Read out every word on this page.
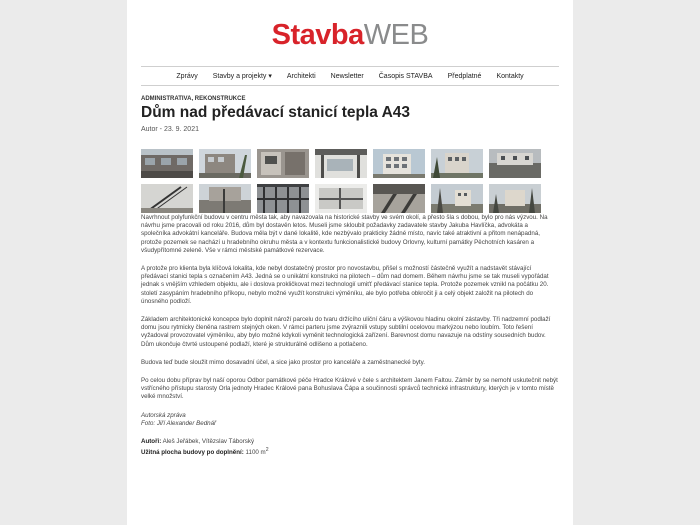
StavbaWEB
Zprávy Stavby a projekty ▾ Architekti Newsletter Časopis STAVBA Předplatné Kontakty
ADMINISTRATIVA, REKONSTRUKCE
Dům nad předávací stanicí tepla A43
Autor - 23. 9. 2021

Navrhnout polyfunkční budovu v centru města tak, aby navazovala na historické stavby ve svém okolí, a přesto šla s dobou, bylo pro nás výzvou. Na návrhu jsme pracovali od roku 2016, dům byl dostavěn letos. Museli jsme skloubit požadavky zadavatele stavby Jakuba Havlíčka, advokáta a společníka advokátní kanceláře. Budova měla být v dané lokalitě, kde nezbývalo prakticky žádné místo, navíc také atraktivní a přitom nenápadná, protože pozemek se nachází u hradebního okruhu města a v kontextu funkcionalistické budovy Orlovny, kulturní památky Pěchotních kasáren a všudypřítomné zeleně. Vše v rámci městské památkové rezervace.

A protože pro klienta byla klíčová lokalita, kde nebyl dostatečný prostor pro novostavbu, přišel s možností částečně využít a nadstavět stávající předávací stanici tepla s označením A43. Jedná se o unikátní konstrukci na pilotech – dům nad domem. Během návrhu jsme se tak museli vypořádat jednak s vnějším vzhledem objektu, ale i doslova prokličkovat mezi technologií umiťť předávací stanice tepla. Protože pozemek vznikl na počátku 20. století zasypáním hradebního příkopu, nebylo možné využít konstrukci výměníku, ale bylo potřeba obkročit ji a celý objekt založit na pilotech do únosného podloží.

Základem architektonické koncepce bylo doplnit nároží parcelu do tvaru držícího uliční čáru a výškovou hladinu okolní zástavby. Tři nadzemní podlaží domu jsou rytmicky členěna rastrem stejných oken. V rámci parteru jsme zvýraznili vstupy subtilní ocelovou markýzou nebo loubím. Toto řešení vyžadoval provozovatel výměníku, aby bylo možné kdykoli vyměnit technologická zařízení. Barevnost domu navazuje na odstíny sousedních budov. Dům ukončuje čtvrté ustoupené podlaží, které je strukturálně odlišeno a potlačeno.

Budova teď bude sloužit mimo dosavadní účel, a sice jako prostor pro kanceláře a zaměstnanecké byty.

Po celou dobu příprav byl naší oporou Odbor památkové péče Hradce Králové v čele s architektem Janem Faltou. Záměr by se nemohl uskutečnit nebýt vstřícného přístupu starosty Orla jednoty Hradec Králové pana Bohuslava Čápa a součinnosti správců technické infrastruktury, kterých je v tomto místě velké množství.

Autorská zpráva
Foto: Jiří Alexander Bednář

Autoři: Aleš Jeřábek, Vítězslav Táborský
Užitná plocha budovy po doplnění: 1100 $m^2$
